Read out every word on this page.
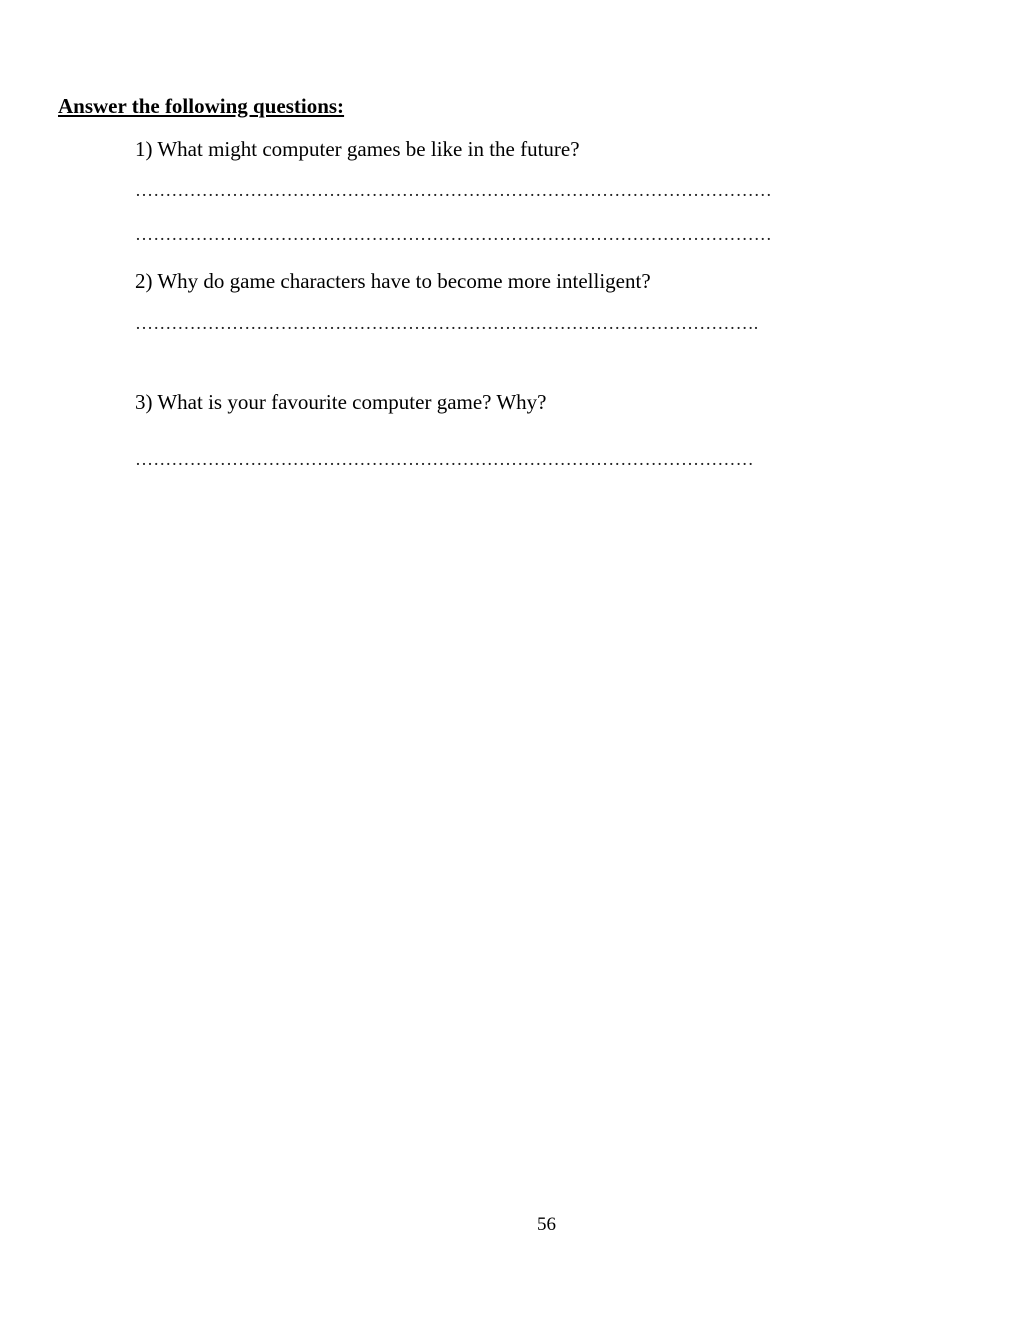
Answer the following questions:
1) What might computer games be like in the future?
……………………………………………………………………………………………
……………………………………………………………………………………………
2) Why do game characters have to become more intelligent?
………………………………………………………………………………………….
3) What is your favourite computer game? Why?
…………………………………………………………………………………………
56
